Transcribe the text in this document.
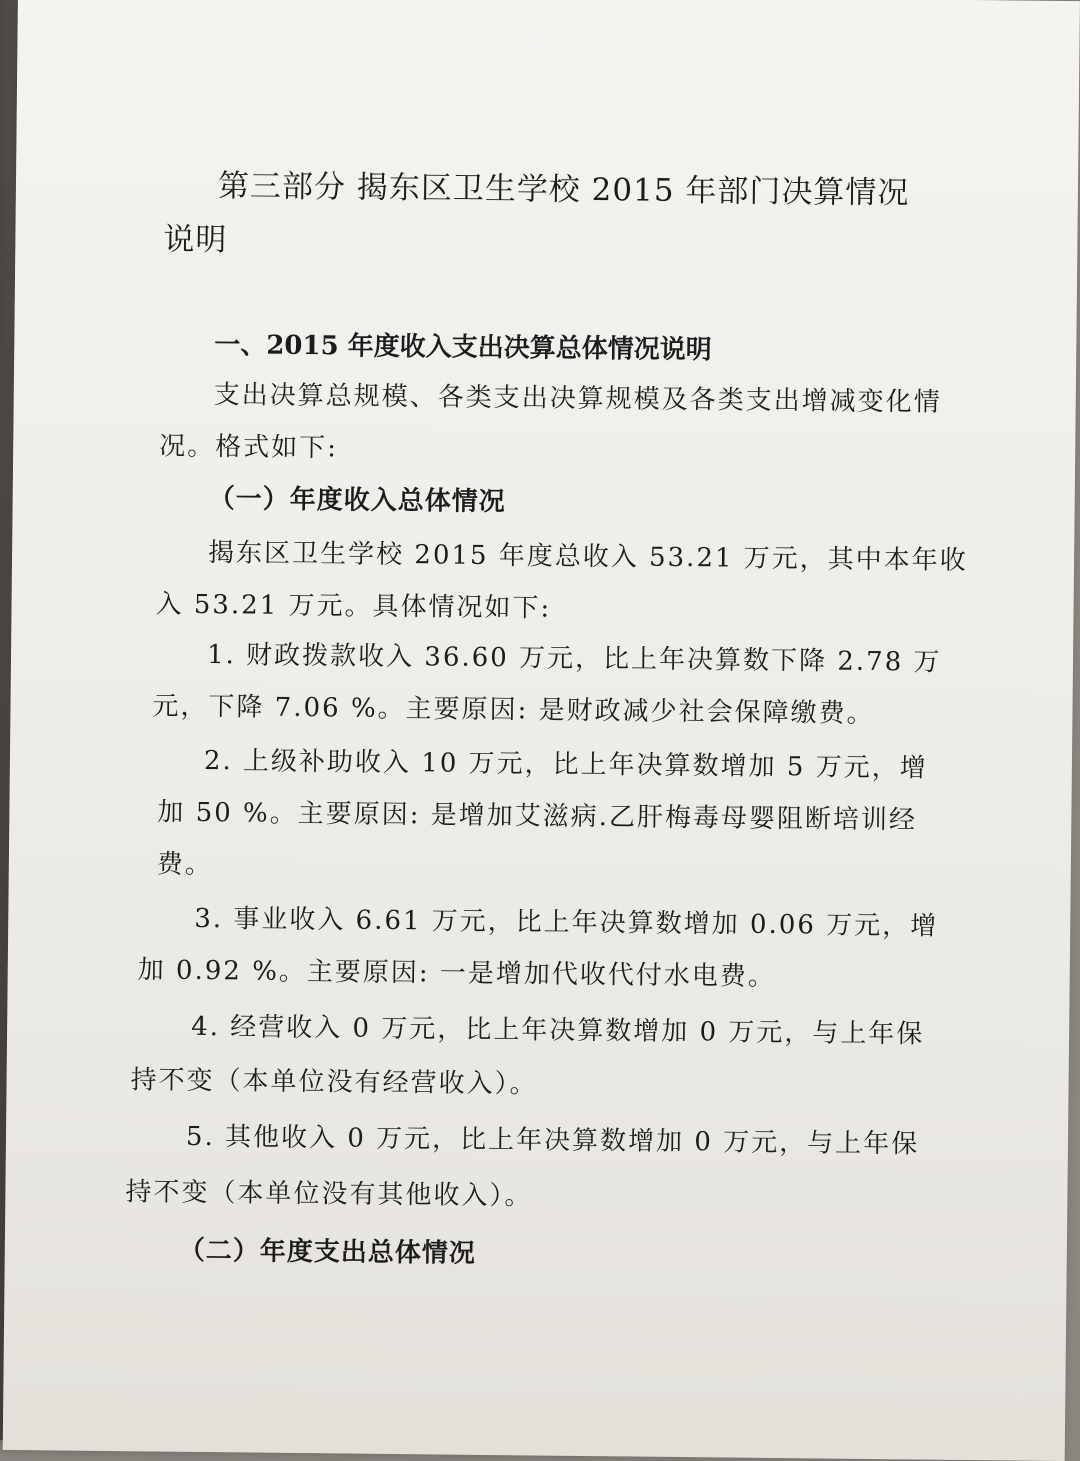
第三部分 揭东区卫生学校 2015 年部门决算情况
说明
一、2015 年度收入支出决算总体情况说明
支出决算总规模、各类支出决算规模及各类支出增减变化情
况。格式如下:
（一）年度收入总体情况
揭东区卫生学校 2015 年度总收入 53.21 万元，其中本年收
入 53.21 万元。具体情况如下:
1. 财政拨款收入 36.60 万元，比上年决算数下降 2.78 万
元，下降 7.06 %。主要原因: 是财政减少社会保障缴费。
2. 上级补助收入 10 万元，比上年决算数增加 5 万元，增
加 50 %。主要原因: 是增加艾滋病.乙肝梅毒母婴阻断培训经
费。
3. 事业收入 6.61 万元，比上年决算数增加 0.06 万元，增
加 0.92 %。主要原因: 一是增加代收代付水电费。
4. 经营收入 0 万元，比上年决算数增加 0 万元，与上年保
持不变（本单位没有经营收入）。
5. 其他收入 0 万元，比上年决算数增加 0 万元，与上年保
持不变（本单位没有其他收入）。
（二）年度支出总体情况
